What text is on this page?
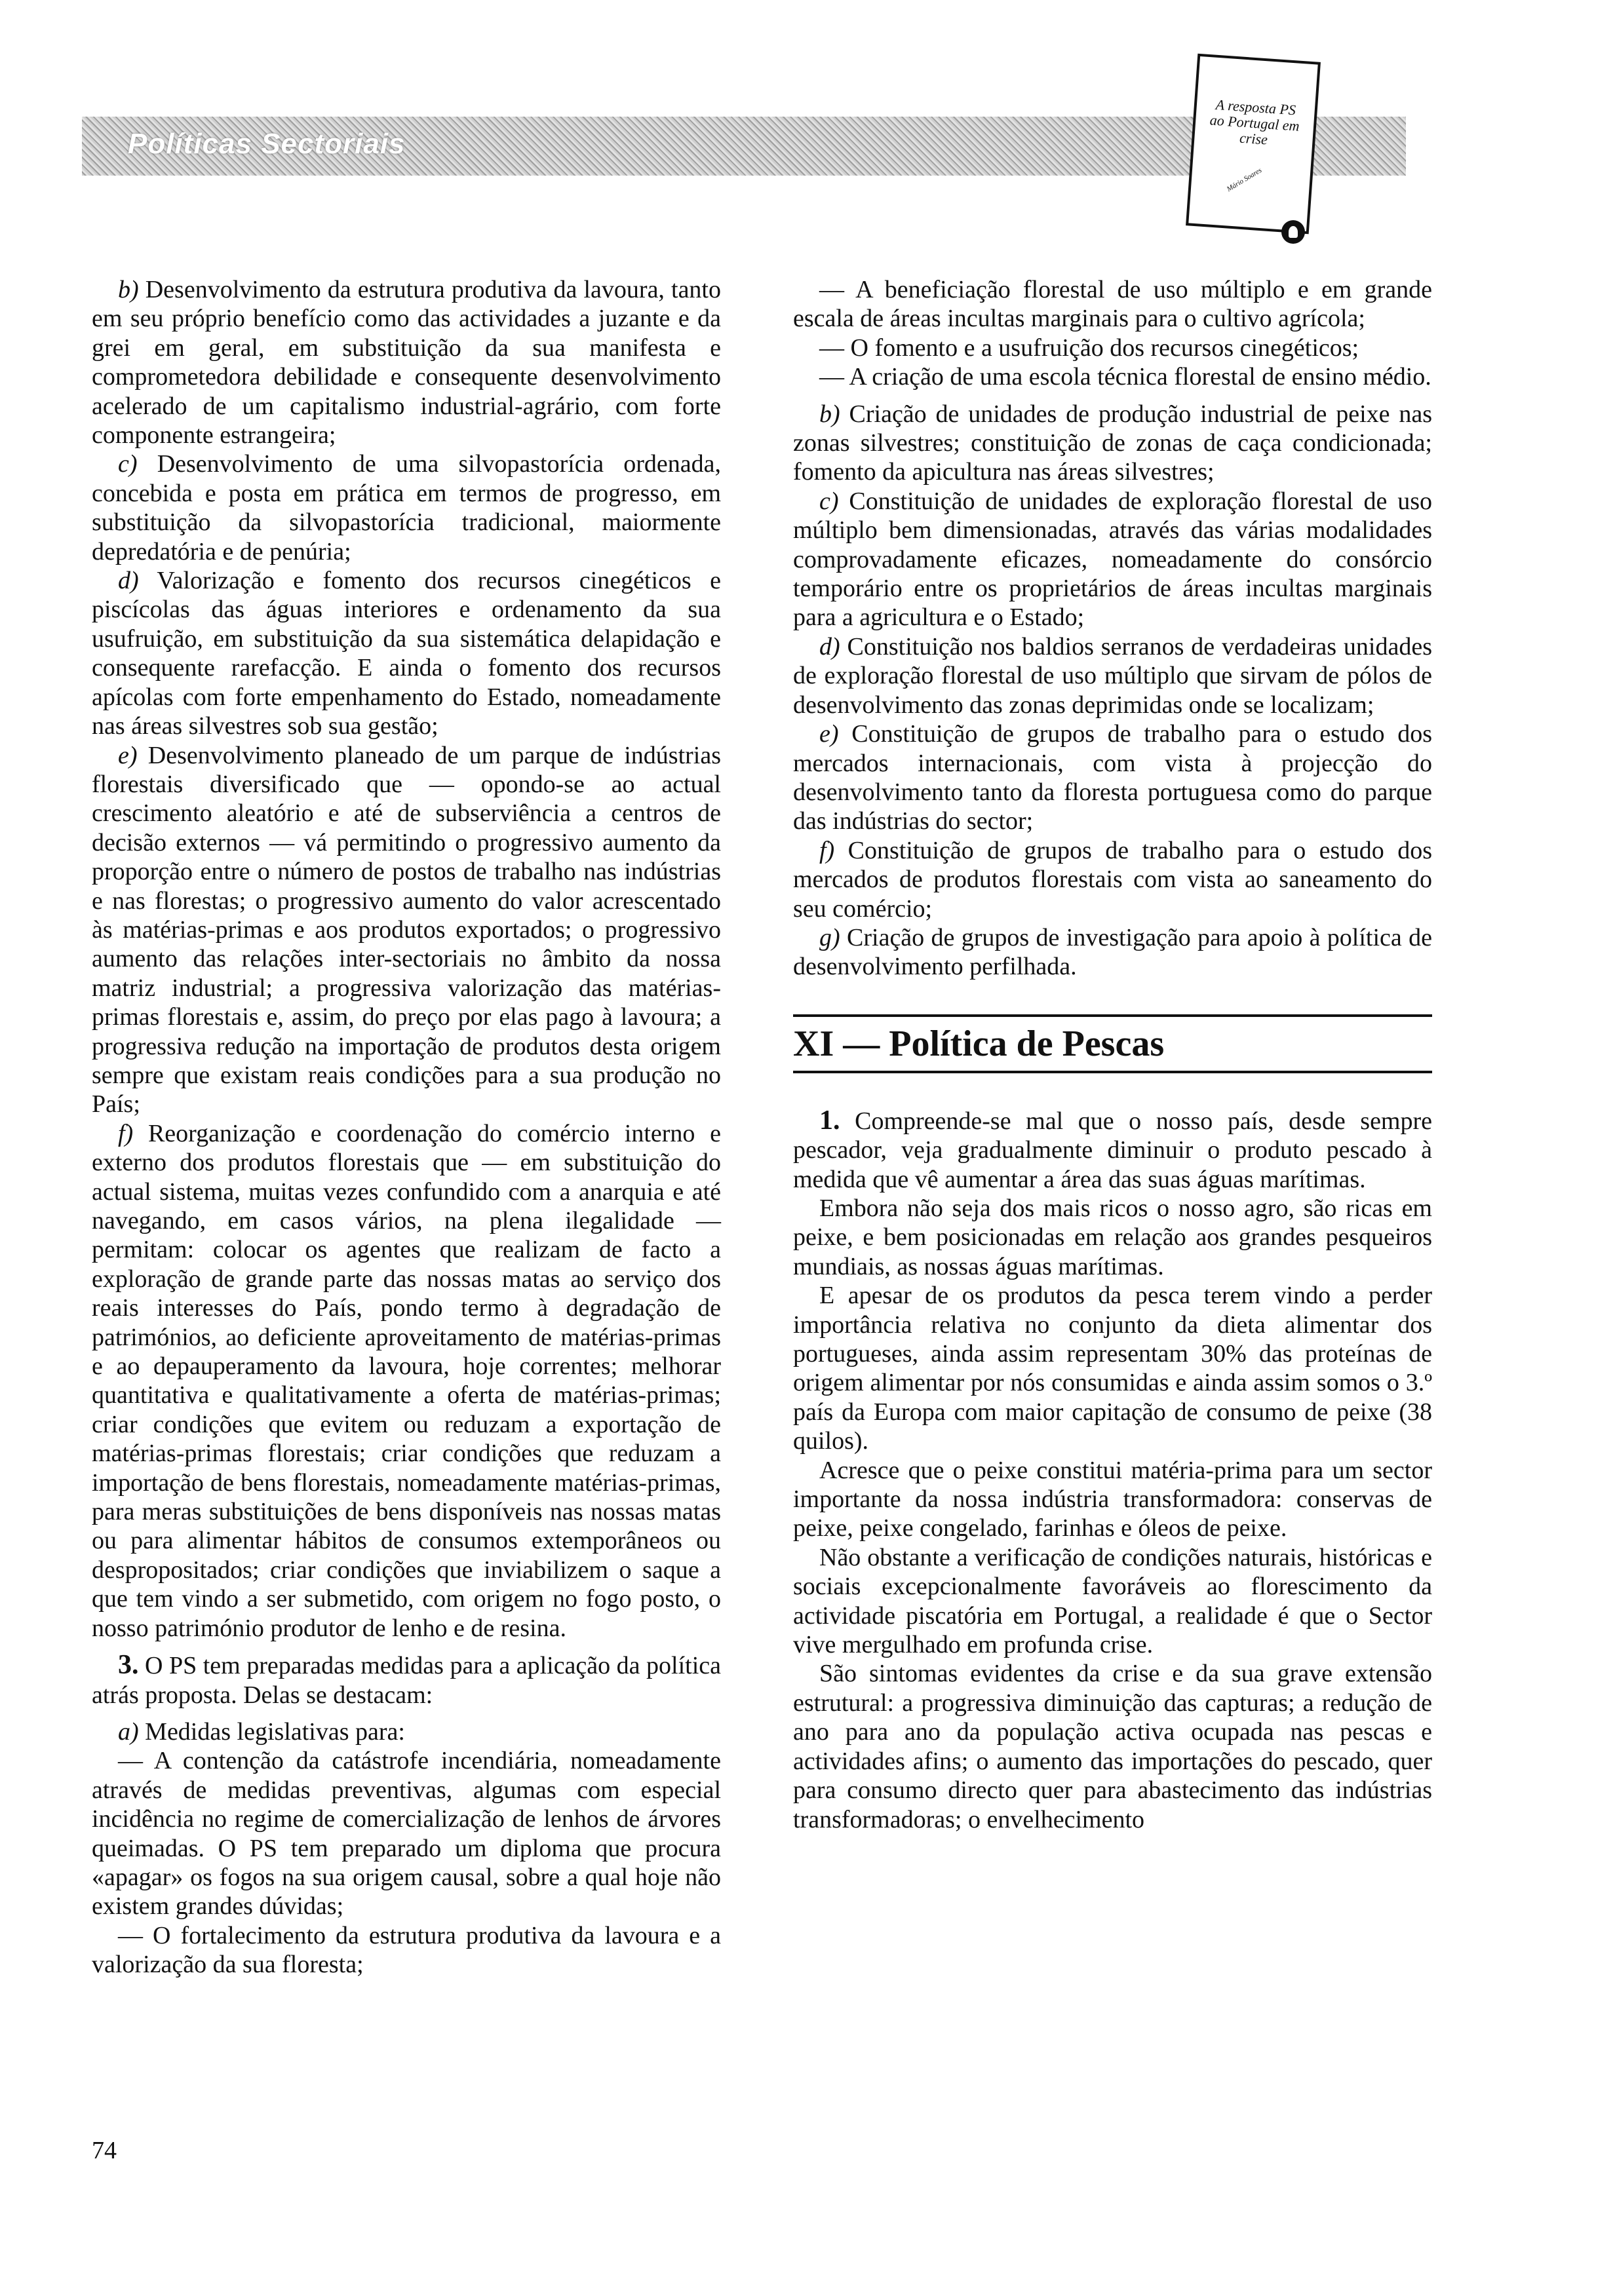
Políticas Sectoriais
A resposta PS ao Portugal em crise
Mário Soares

b) Desenvolvimento da estrutura produtiva da lavoura, tanto em seu próprio benefício como das actividades a juzante e da grei em geral, em substituição da sua manifesta e comprometedora debilidade e consequente desenvolvimento acelerado de um capitalismo industrial-agrário, com forte componente estrangeira;

c) Desenvolvimento de uma silvopastorícia ordenada, concebida e posta em prática em termos de progresso, em substituição da silvopastorícia tradicional, maiormente depredatória e de penúria;

d) Valorização e fomento dos recursos cinegéticos e piscícolas das águas interiores e ordenamento da sua usufruição, em substituição da sua sistemática delapidação e consequente rarefacção. E ainda o fomento dos recursos apícolas com forte empenhamento do Estado, nomeadamente nas áreas silvestres sob sua gestão;

e) Desenvolvimento planeado de um parque de indústrias florestais diversificado que — opondo-se ao actual crescimento aleatório e até de subserviência a centros de decisão externos — vá permitindo o progressivo aumento da proporção entre o número de postos de trabalho nas indústrias e nas florestas; o progressivo aumento do valor acrescentado às matérias-primas e aos produtos exportados; o progressivo aumento das relações inter-sectoriais no âmbito da nossa matriz industrial; a progressiva valorização das matérias-primas florestais e, assim, do preço por elas pago à lavoura; a progressiva redução na importação de produtos desta origem sempre que existam reais condições para a sua produção no País;

f) Reorganização e coordenação do comércio interno e externo dos produtos florestais que — em substituição do actual sistema, muitas vezes confundido com a anarquia e até navegando, em casos vários, na plena ilegalidade — permitam: colocar os agentes que realizam de facto a exploração de grande parte das nossas matas ao serviço dos reais interesses do País, pondo termo à degradação de patrimónios, ao deficiente aproveitamento de matérias-primas e ao depauperamento da lavoura, hoje correntes; melhorar quantitativa e qualitativamente a oferta de matérias-primas; criar condições que evitem ou reduzam a exportação de matérias-primas florestais; criar condições que reduzam a importação de bens florestais, nomeadamente matérias-primas, para meras substituições de bens disponíveis nas nossas matas ou para alimentar hábitos de consumos extemporâneos ou despropositados; criar condições que inviabilizem o saque a que tem vindo a ser submetido, com origem no fogo posto, o nosso património produtor de lenho e de resina.

3. O PS tem preparadas medidas para a aplicação da política atrás proposta. Delas se destacam:

a) Medidas legislativas para:

— A contenção da catástrofe incendiária, nomeadamente através de medidas preventivas, algumas com especial incidência no regime de comercialização de lenhos de árvores queimadas. O PS tem preparado um diploma que procura «apagar» os fogos na sua origem causal, sobre a qual hoje não existem grandes dúvidas;

— O fortalecimento da estrutura produtiva da lavoura e a valorização da sua floresta;

— A beneficiação florestal de uso múltiplo e em grande escala de áreas incultas marginais para o cultivo agrícola;

— O fomento e a usufruição dos recursos cinegéticos;

— A criação de uma escola técnica florestal de ensino médio.

b) Criação de unidades de produção industrial de peixe nas zonas silvestres; constituição de zonas de caça condicionada; fomento da apicultura nas áreas silvestres;

c) Constituição de unidades de exploração florestal de uso múltiplo bem dimensionadas, através das várias modalidades comprovadamente eficazes, nomeadamente do consórcio temporário entre os proprietários de áreas incultas marginais para a agricultura e o Estado;

d) Constituição nos baldios serranos de verdadeiras unidades de exploração florestal de uso múltiplo que sirvam de pólos de desenvolvimento das zonas deprimidas onde se localizam;

e) Constituição de grupos de trabalho para o estudo dos mercados internacionais, com vista à projecção do desenvolvimento tanto da floresta portuguesa como do parque das indústrias do sector;

f) Constituição de grupos de trabalho para o estudo dos mercados de produtos florestais com vista ao saneamento do seu comércio;

g) Criação de grupos de investigação para apoio à política de desenvolvimento perfilhada.

XI — Política de Pescas

1. Compreende-se mal que o nosso país, desde sempre pescador, veja gradualmente diminuir o produto pescado à medida que vê aumentar a área das suas águas marítimas.

Embora não seja dos mais ricos o nosso agro, são ricas em peixe, e bem posicionadas em relação aos grandes pesqueiros mundiais, as nossas águas marítimas.

E apesar de os produtos da pesca terem vindo a perder importância relativa no conjunto da dieta alimentar dos portugueses, ainda assim representam 30% das proteínas de origem alimentar por nós consumidas e ainda assim somos o 3.º país da Europa com maior capitação de consumo de peixe (38 quilos).

Acresce que o peixe constitui matéria-prima para um sector importante da nossa indústria transformadora: conservas de peixe, peixe congelado, farinhas e óleos de peixe.

Não obstante a verificação de condições naturais, históricas e sociais excepcionalmente favoráveis ao florescimento da actividade piscatória em Portugal, a realidade é que o Sector vive mergulhado em profunda crise.

São sintomas evidentes da crise e da sua grave extensão estrutural: a progressiva diminuição das capturas; a redução de ano para ano da população activa ocupada nas pescas e actividades afins; o aumento das importações do pescado, quer para consumo directo quer para abastecimento das indústrias transformadoras; o envelhecimento

74
